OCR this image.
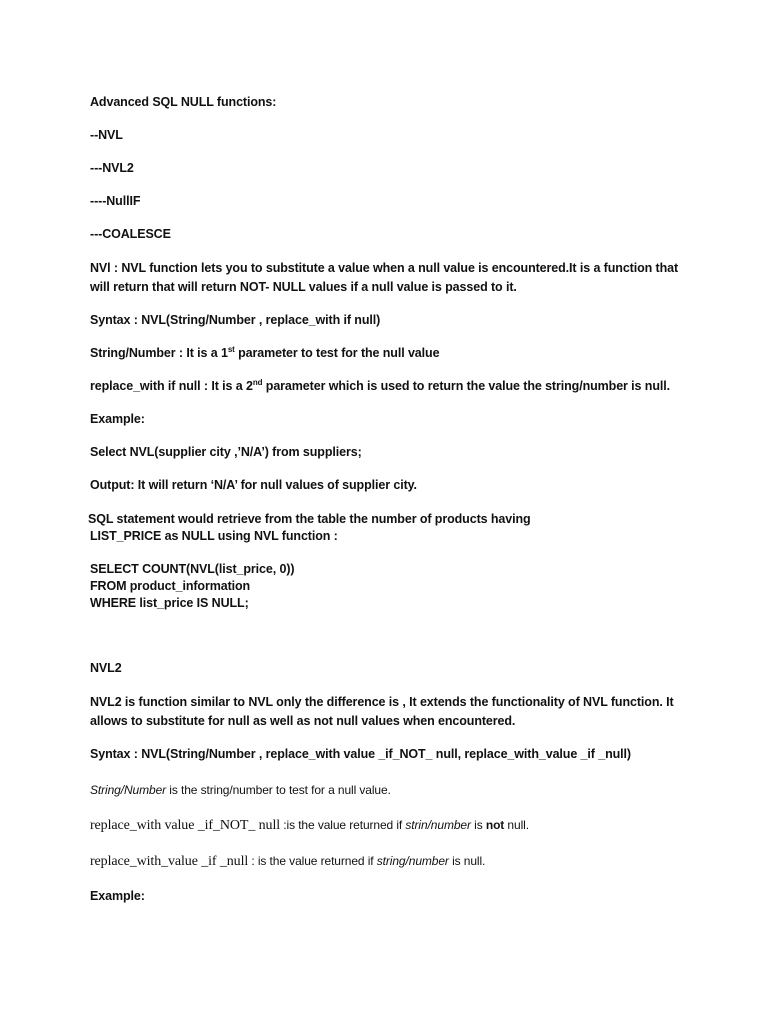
Advanced SQL NULL functions:

--NVL

---NVL2

----NullIF

---COALESCE

NVl : NVL function lets you to substitute a value when a null value is encountered.It is a function that will return that will return NOT- NULL values if a null value is passed to it.

Syntax : NVL(String/Number , replace_with if null)

String/Number : It is a 1st parameter to test for the null value

replace_with if null : It is a 2nd parameter which is used to return the value the string/number is null.

Example:

Select NVL(supplier city ,’N/A’) from suppliers;

Output: It will return ‘N/A’ for null values of supplier city.

SQL statement would retrieve from the table the number of products having

LIST_PRICE as NULL using NVL function :

SELECT COUNT(NVL(list_price, 0))

FROM product_information

WHERE list_price IS NULL;

NVL2

NVL2 is function similar to NVL only the difference is , It extends the functionality of NVL function. It allows to substitute for null as well as not null values when encountered.

Syntax : NVL(String/Number , replace_with value _if_NOT_ null, replace_with_value _if _null)

String/Number is the string/number to test for a null value.

replace_with value _if_NOT_ null :is the value returned if strin/number is not null.

replace_with_value _if _null : is the value returned if string/number is null.

Example:
